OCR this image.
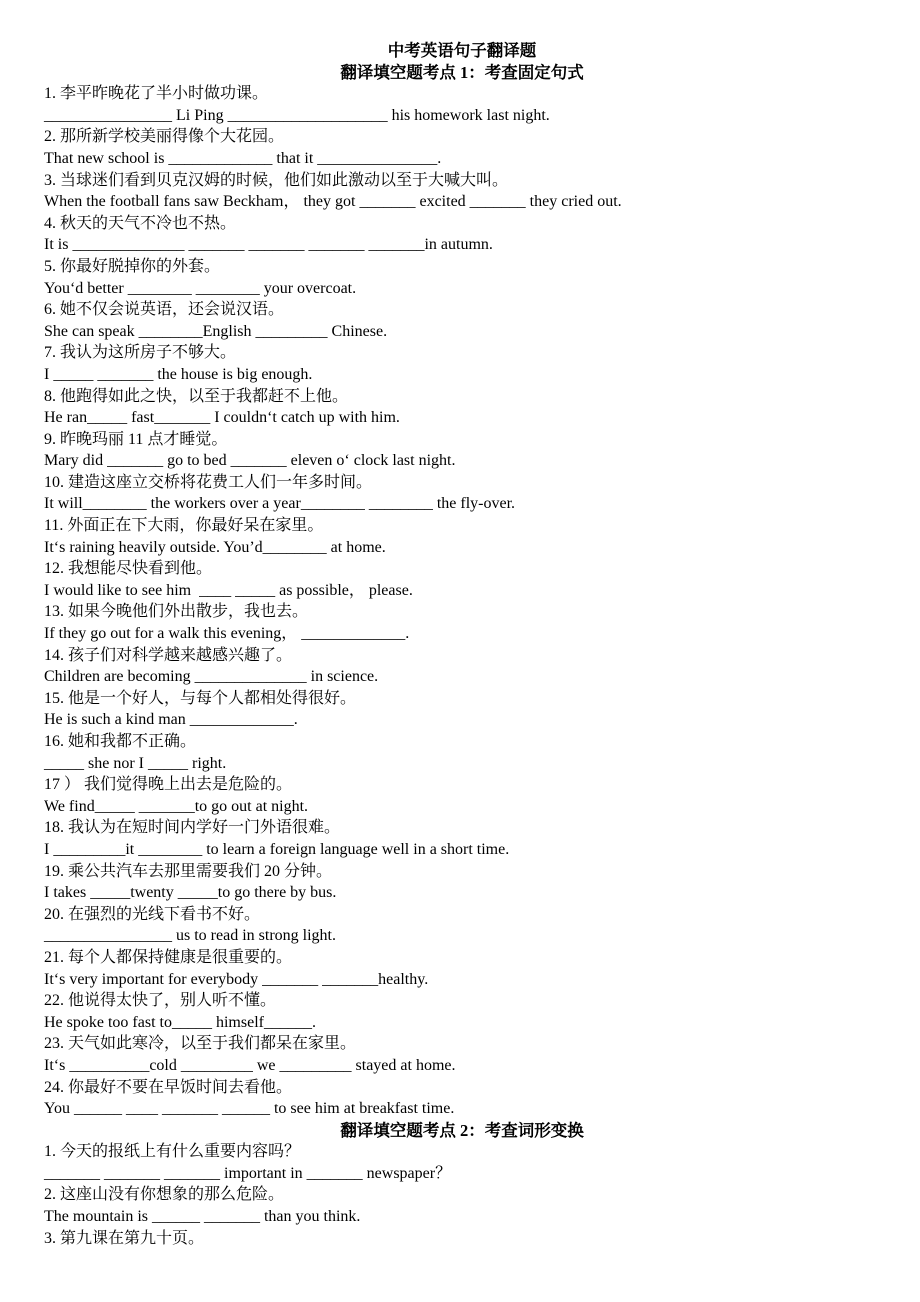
中考英语句子翻译题
翻译填空题考点 1：考查固定句式
1. 李平昨晚花了半小时做功课。
________________ Li Ping ____________________ his homework last night.
2. 那所新学校美丽得像个大花园。
That new school is _____________ that it _______________.
3. 当球迷们看到贝克汉姆的时候，他们如此激动以至于大喊大叫。
When the football fans saw Beckham， they got _______ excited _______ they cried out.
4. 秋天的天气不冷也不热。
It is ______________ _______ _______ _______ _______in autumn.
5. 你最好脱掉你的外套。
You‘d better ________ ________ your overcoat.
6. 她不仅会说英语，还会说汉语。
She can speak ________English _________ Chinese.
7. 我认为这所房子不够大。
I _____ _______ the house is big enough.
8. 他跑得如此之快，以至于我都赶不上他。
He ran_____ fast_______ I couldn‘t catch up with him.
9. 昨晚玛丽 11 点才睡觉。
Mary did _______ go to bed _______ eleven o‘ clock last night.
10. 建造这座立交桥将花费工人们一年多时间。
It will________ the workers over a year________ ________ the fly-over.
11. 外面正在下大雨，你最好呆在家里。
It‘s raining heavily outside. You’d________ at home.
12. 我想能尽快看到他。
I would like to see him  ____ _____ as possible， please.
13. 如果今晚他们外出散步，我也去。
If they go out for a walk this evening， _____________.
14. 孩子们对科学越来越感兴趣了。
Children are becoming ______________ in science.
15. 他是一个好人，与每个人都相处得很好。
He is such a kind man _____________.
16. 她和我都不正确。
_____ she nor I _____ right.
17 ） 我们觉得晚上出去是危险的。
We find_____ _______to go out at night.
18. 我认为在短时间内学好一门外语很难。
I _________it ________ to learn a foreign language well in a short time.
19. 乘公共汽车去那里需要我们 20 分钟。
I takes _____twenty _____to go there by bus.
20. 在强烈的光线下看书不好。
________________ us to read in strong light.
21. 每个人都保持健康是很重要的。
It‘s very important for everybody _______ _______healthy.
22. 他说得太快了，别人听不懂。
He spoke too fast to_____ himself______.
23. 天气如此寒冷，以至于我们都呆在家里。
It‘s __________cold _________ we _________ stayed at home.
24. 你最好不要在早饭时间去看他。
You ______ ____ _______ ______ to see him at breakfast time.
翻译填空题考点 2：考查词形变换
1. 今天的报纸上有什么重要内容吗？
_______ _______ _______ important in _______ newspaper？
2. 这座山没有你想象的那么危险。
The mountain is ______ _______ than you think.
3. 第九课在第九十页。
